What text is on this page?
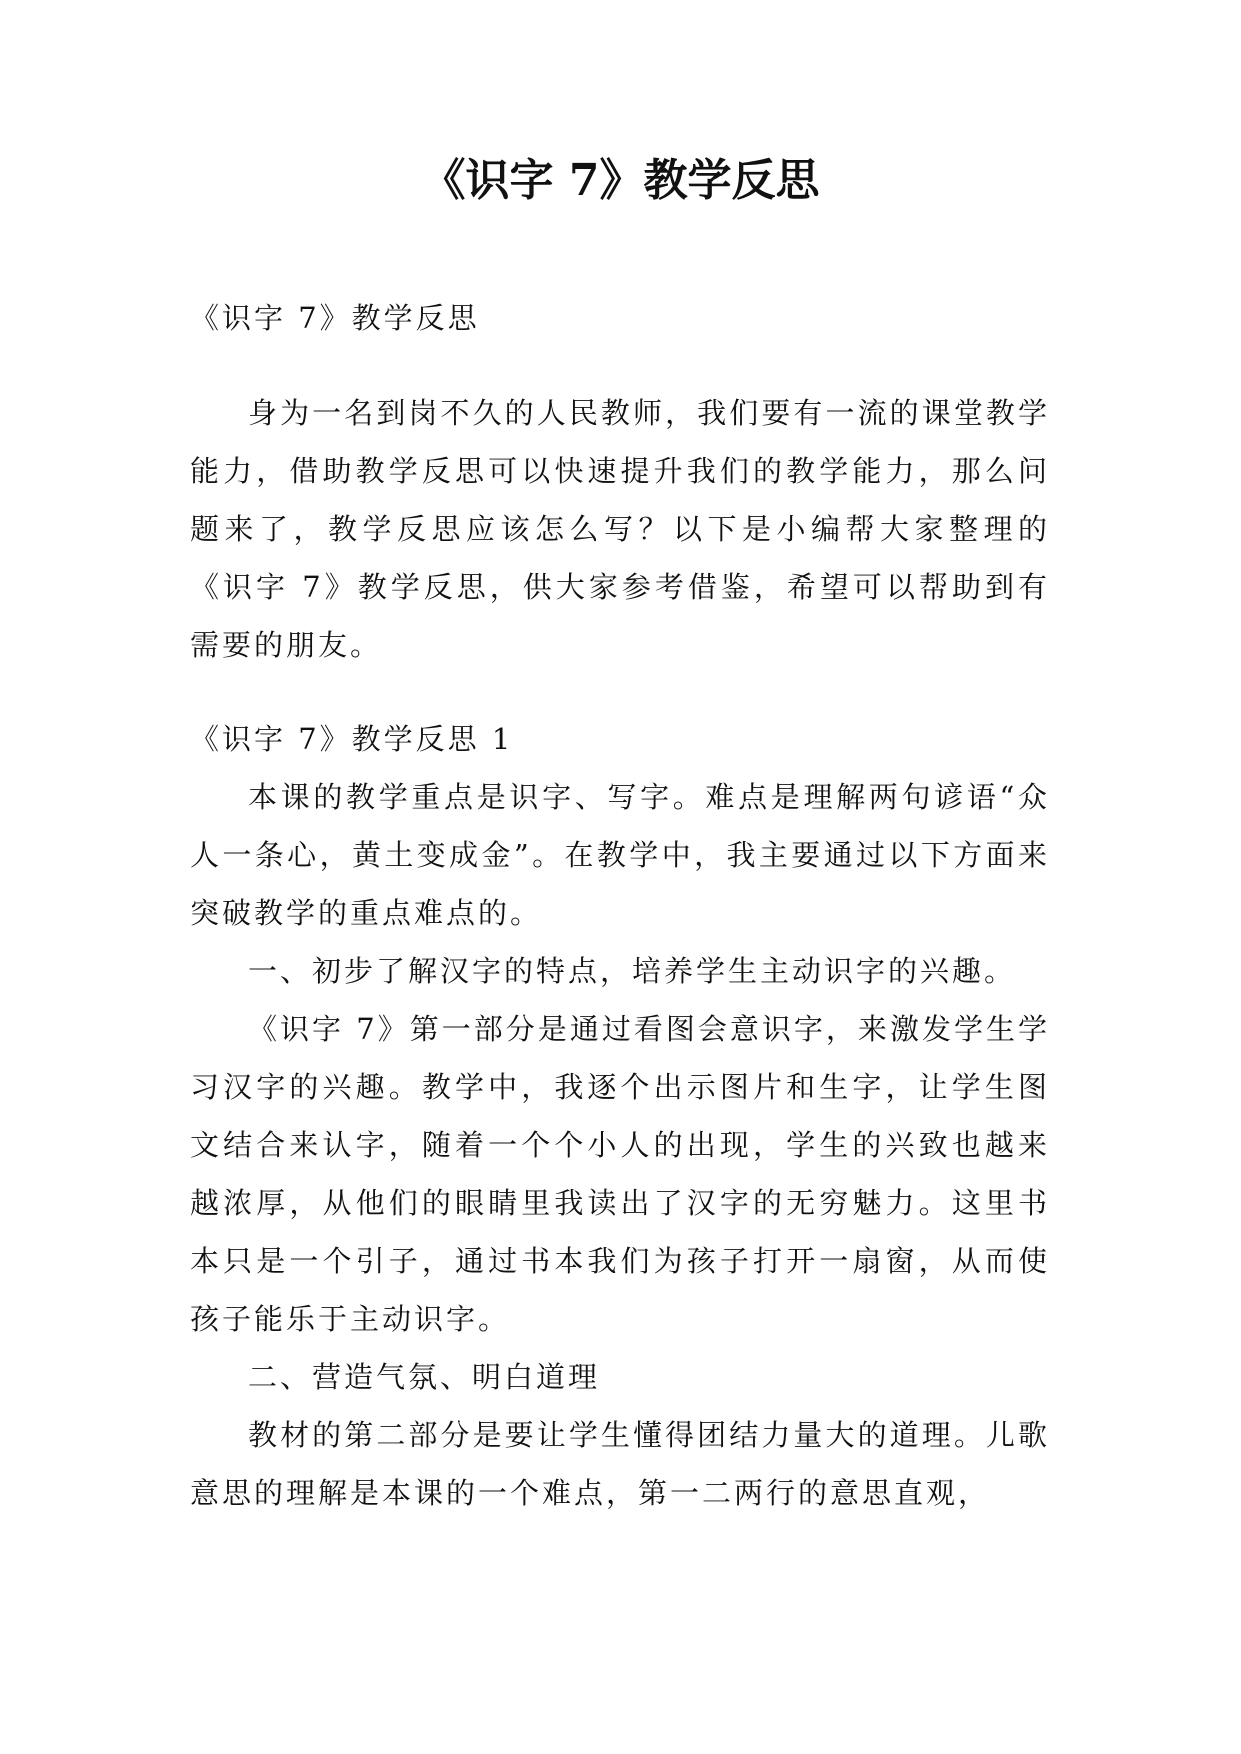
《识字 7》教学反思

《识字 7》教学反思

身为一名到岗不久的人民教师，我们要有一流的课堂教学能力，借助教学反思可以快速提升我们的教学能力，那么问题来了，教学反思应该怎么写？以下是小编帮大家整理的《识字 7》教学反思，供大家参考借鉴，希望可以帮助到有需要的朋友。

《识字 7》教学反思 1

本课的教学重点是识字、写字。难点是理解两句谚语“众人一条心，黄土变成金”。在教学中，我主要通过以下方面来突破教学的重点难点的。

一、初步了解汉字的特点，培养学生主动识字的兴趣。

《识字 7》第一部分是通过看图会意识字，来激发学生学习汉字的兴趣。教学中，我逐个出示图片和生字，让学生图文结合来认字，随着一个个小人的出现，学生的兴致也越来越浓厚，从他们的眼睛里我读出了汉字的无穷魅力。这里书本只是一个引子，通过书本我们为孩子打开一扇窗，从而使孩子能乐于主动识字。

二、营造气氛、明白道理

教材的第二部分是要让学生懂得团结力量大的道理。儿歌意思的理解是本课的一个难点，第一二两行的意思直观，
